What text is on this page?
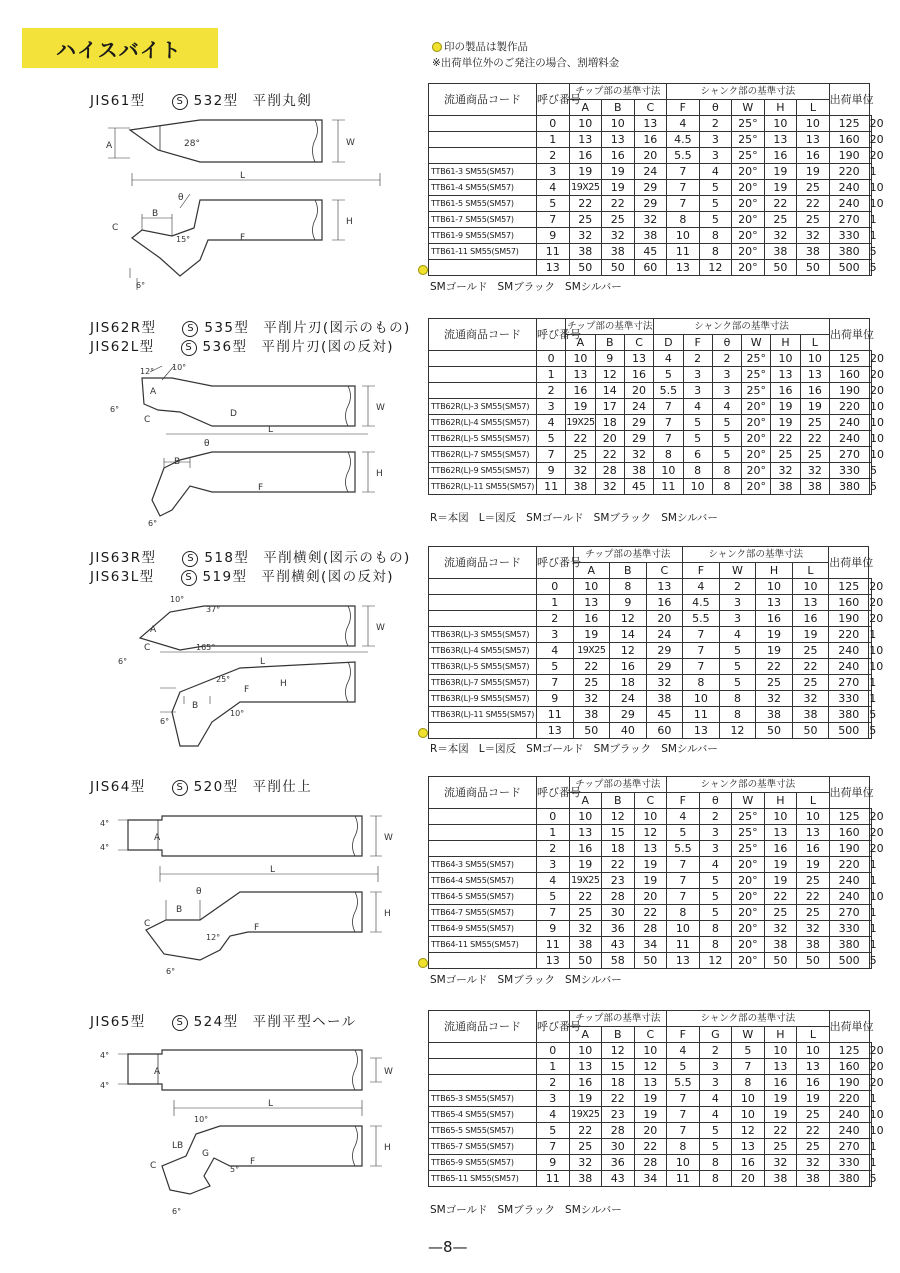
ハイスバイト	印の製品は製作品
※出荷単位外のご発注の場合、割増料金
JIS61型	S 532型 平削丸剣
JIS62R型	S 535型 平削片刃(図示のもの)
JIS62L型	S 536型 平削片刃(図の反対)
JIS63R型	S 518型 平削横剣(図示のもの)
JIS63L型	S 519型 平削横剣(図の反対)
JIS64型	S 520型 平削仕上
JIS65型	S 524型 平削平型ヘール
A	28°	W
L
B
θ
C
15°
H
F
6°
12° 10°
A
6°
C
D
W
L
θ
B
H
F
6°
10°
37°
A
165°
6°
C
W
L
25°	H
F
B
10°
6°
4°
4°
A	W
L
θ
B	H
C
12°
F
6°
4°
4°
A	W
L
10°
LB
G
H
C	5°
F
6°
流通商品コード	呼び番号	チップ部の基準寸法			シャンク部の基準寸法					出荷単位	
		A	B	C	F	θ	W	H	L		
	0	10	10	13	4	2	25°	10	10	125	20
	1	13	13	16	4.5	3	25°	13	13	160	20
	2	16	16	20	5.5	3	25°	16	16	190	20
TTB61-3 SM55(SM57)	3	19	19	24	7	4	20°	19	19	220	1
TTB61-4 SM55(SM57)	4	19X25	19	29	7	5	20°	19	25	240	10
TTB61-5 SM55(SM57)	5	22	22	29	7	5	20°	22	22	240	10
TTB61-7 SM55(SM57)	7	25	25	32	8	5	20°	25	25	270	1
TTB61-9 SM55(SM57)	9	32	32	38	10	8	20°	32	32	330	1
TTB61-11 SM55(SM57)	11	38	38	45	11	8	20°	38	38	380	5
	13	50	50	60	13	12	20°	50	50	500	5
流通商品コード	呼び番号	チップ部の基準寸法			シャンク部の基準寸法						出荷単位	
		A	B	C	D	F	θ	W	H	L		
	0	10	9	13	4	2	2	25°	10	10	125	20
	1	13	12	16	5	3	3	25°	13	13	160	20
	2	16	14	20	5.5	3	3	25°	16	16	190	20
TTB62R(L)-3 SM55(SM57)	3	19	17	24	7	4	4	20°	19	19	220	10
TTB62R(L)-4 SM55(SM57)	4	19X25	18	29	7	5	5	20°	19	25	240	10
TTB62R(L)-5 SM55(SM57)	5	22	20	29	7	5	5	20°	22	22	240	10
TTB62R(L)-7 SM55(SM57)	7	25	22	32	8	6	5	20°	25	25	270	10
TTB62R(L)-9 SM55(SM57)	9	32	28	38	10	8	8	20°	32	32	330	5
TTB62R(L)-11 SM55(SM57)	11	38	32	45	11	10	8	20°	38	38	380	5
流通商品コード	呼び番号	チップ部の基準寸法			シャンク部の基準寸法				出荷単位	
		A	B	C	F	W	H	L		
	0	10	8	13	4	2	10	10	125	20
	1	13	9	16	4.5	3	13	13	160	20
	2	16	12	20	5.5	3	16	16	190	20
TTB63R(L)-3 SM55(SM57)	3	19	14	24	7	4	19	19	220	1
TTB63R(L)-4 SM55(SM57)	4	19X25	12	29	7	5	19	25	240	10
TTB63R(L)-5 SM55(SM57)	5	22	16	29	7	5	22	22	240	10
TTB63R(L)-7 SM55(SM57)	7	25	18	32	8	5	25	25	270	1
TTB63R(L)-9 SM55(SM57)	9	32	24	38	10	8	32	32	330	1
TTB63R(L)-11 SM55(SM57)	11	38	29	45	11	8	38	38	380	5
	13	50	40	60	13	12	50	50	500	5
流通商品コード	呼び番号	チップ部の基準寸法			シャンク部の基準寸法					出荷単位	
		A	B	C	F	θ	W	H	L		
	0	10	12	10	4	2	25°	10	10	125	20
	1	13	15	12	5	3	25°	13	13	160	20
	2	16	18	13	5.5	3	25°	16	16	190	20
TTB64-3 SM55(SM57)	3	19	22	19	7	4	20°	19	19	220	1
TTB64-4 SM55(SM57)	4	19X25	23	19	7	5	20°	19	25	240	1
TTB64-5 SM55(SM57)	5	22	28	20	7	5	20°	22	22	240	10
TTB64-7 SM55(SM57)	7	25	30	22	8	5	20°	25	25	270	1
TTB64-9 SM55(SM57)	9	32	36	28	10	8	20°	32	32	330	1
TTB64-11 SM55(SM57)	11	38	43	34	11	8	20°	38	38	380	1
	13	50	58	50	13	12	20°	50	50	500	5
流通商品コード	呼び番号	チップ部の基準寸法			シャンク部の基準寸法					出荷単位	
		A	B	C	F	G	W	H	L		
	0	10	12	10	4	2	5	10	10	125	20
	1	13	15	12	5	3	7	13	13	160	20
	2	16	18	13	5.5	3	8	16	16	190	20
TTB65-3 SM55(SM57)	3	19	22	19	7	4	10	19	19	220	1
TTB65-4 SM55(SM57)	4	19X25	23	19	7	4	10	19	25	240	10
TTB65-5 SM55(SM57)	5	22	28	20	7	5	12	22	22	240	10
TTB65-7 SM55(SM57)	7	25	30	22	8	5	13	25	25	270	1
TTB65-9 SM55(SM57)	9	32	36	28	10	8	16	32	32	330	1
TTB65-11 SM55(SM57)	11	38	43	34	11	8	20	38	38	380	5
SMゴールド SMブラック SMシルバー
R＝本図 L＝図反 SMゴールド SMブラック SMシルバー
R＝本図 L＝図反 SMゴールド SMブラック SMシルバー
SMゴールド SMブラック SMシルバー
SMゴールド SMブラック SMシルバー
—8—
